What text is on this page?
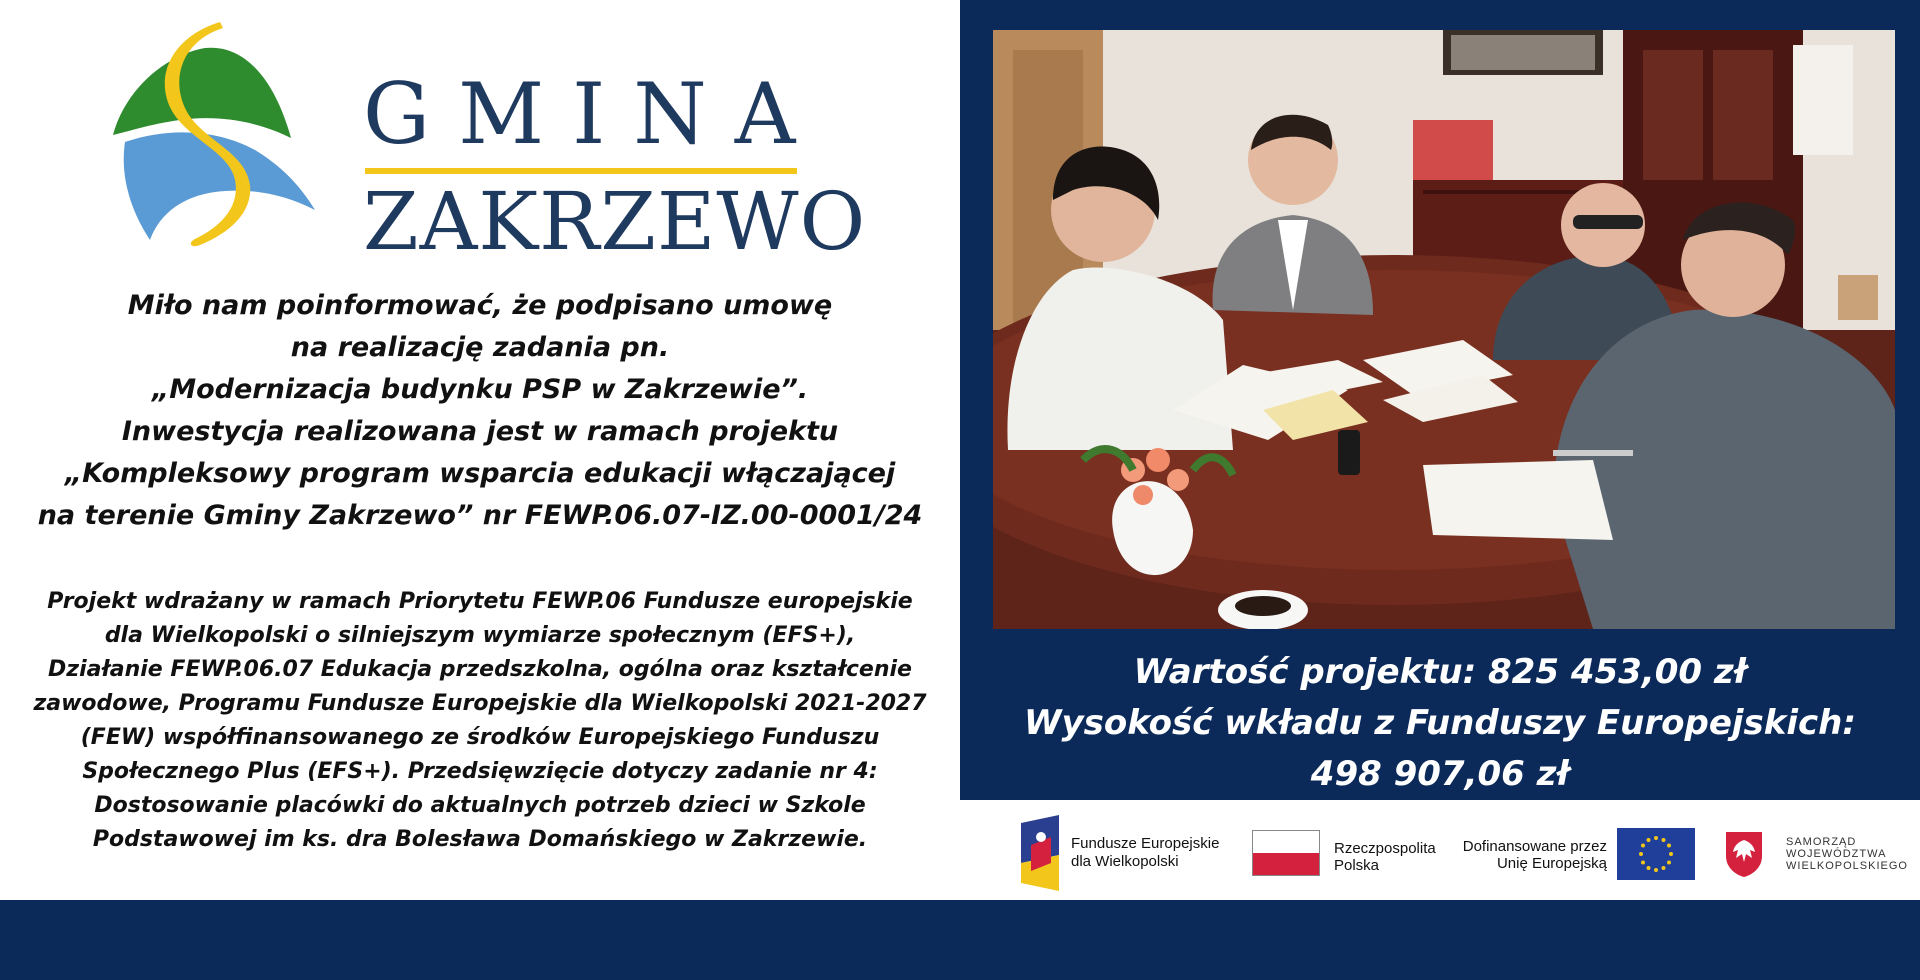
GMINA
ZAKRZEWO
Miło nam poinformować, że podpisano umowę
na realizację zadania pn.
„Modernizacja budynku PSP w Zakrzewie”.
Inwestycja realizowana jest w ramach projektu
„Kompleksowy program wsparcia edukacji włączającej
na terenie Gminy Zakrzewo” nr FEWP.06.07-IZ.00-0001/24
Projekt wdrażany w ramach Priorytetu FEWP.06 Fundusze europejskie
dla Wielkopolski o silniejszym wymiarze społecznym (EFS+),
Działanie FEWP.06.07 Edukacja przedszkolna, ogólna oraz kształcenie
zawodowe, Programu Fundusze Europejskie dla Wielkopolski 2021-2027
(FEW) współfinansowanego ze środków Europejskiego Funduszu
Społecznego Plus (EFS+). Przedsięwzięcie dotyczy zadanie nr 4:
Dostosowanie placówki do aktualnych potrzeb dzieci w Szkole
Podstawowej im ks. dra Bolesława Domańskiego w Zakrzewie.
Wartość projektu: 825 453,00 zł
Wysokość wkładu z Funduszy Europejskich:
498 907,06 zł
Fundusze Europejskie
dla Wielkopolski
Rzeczpospolita
Polska
Dofinansowane przez
Unię Europejską
SAMORZĄD
WOJEWÓDZTWA
WIELKOPOLSKIEGO
